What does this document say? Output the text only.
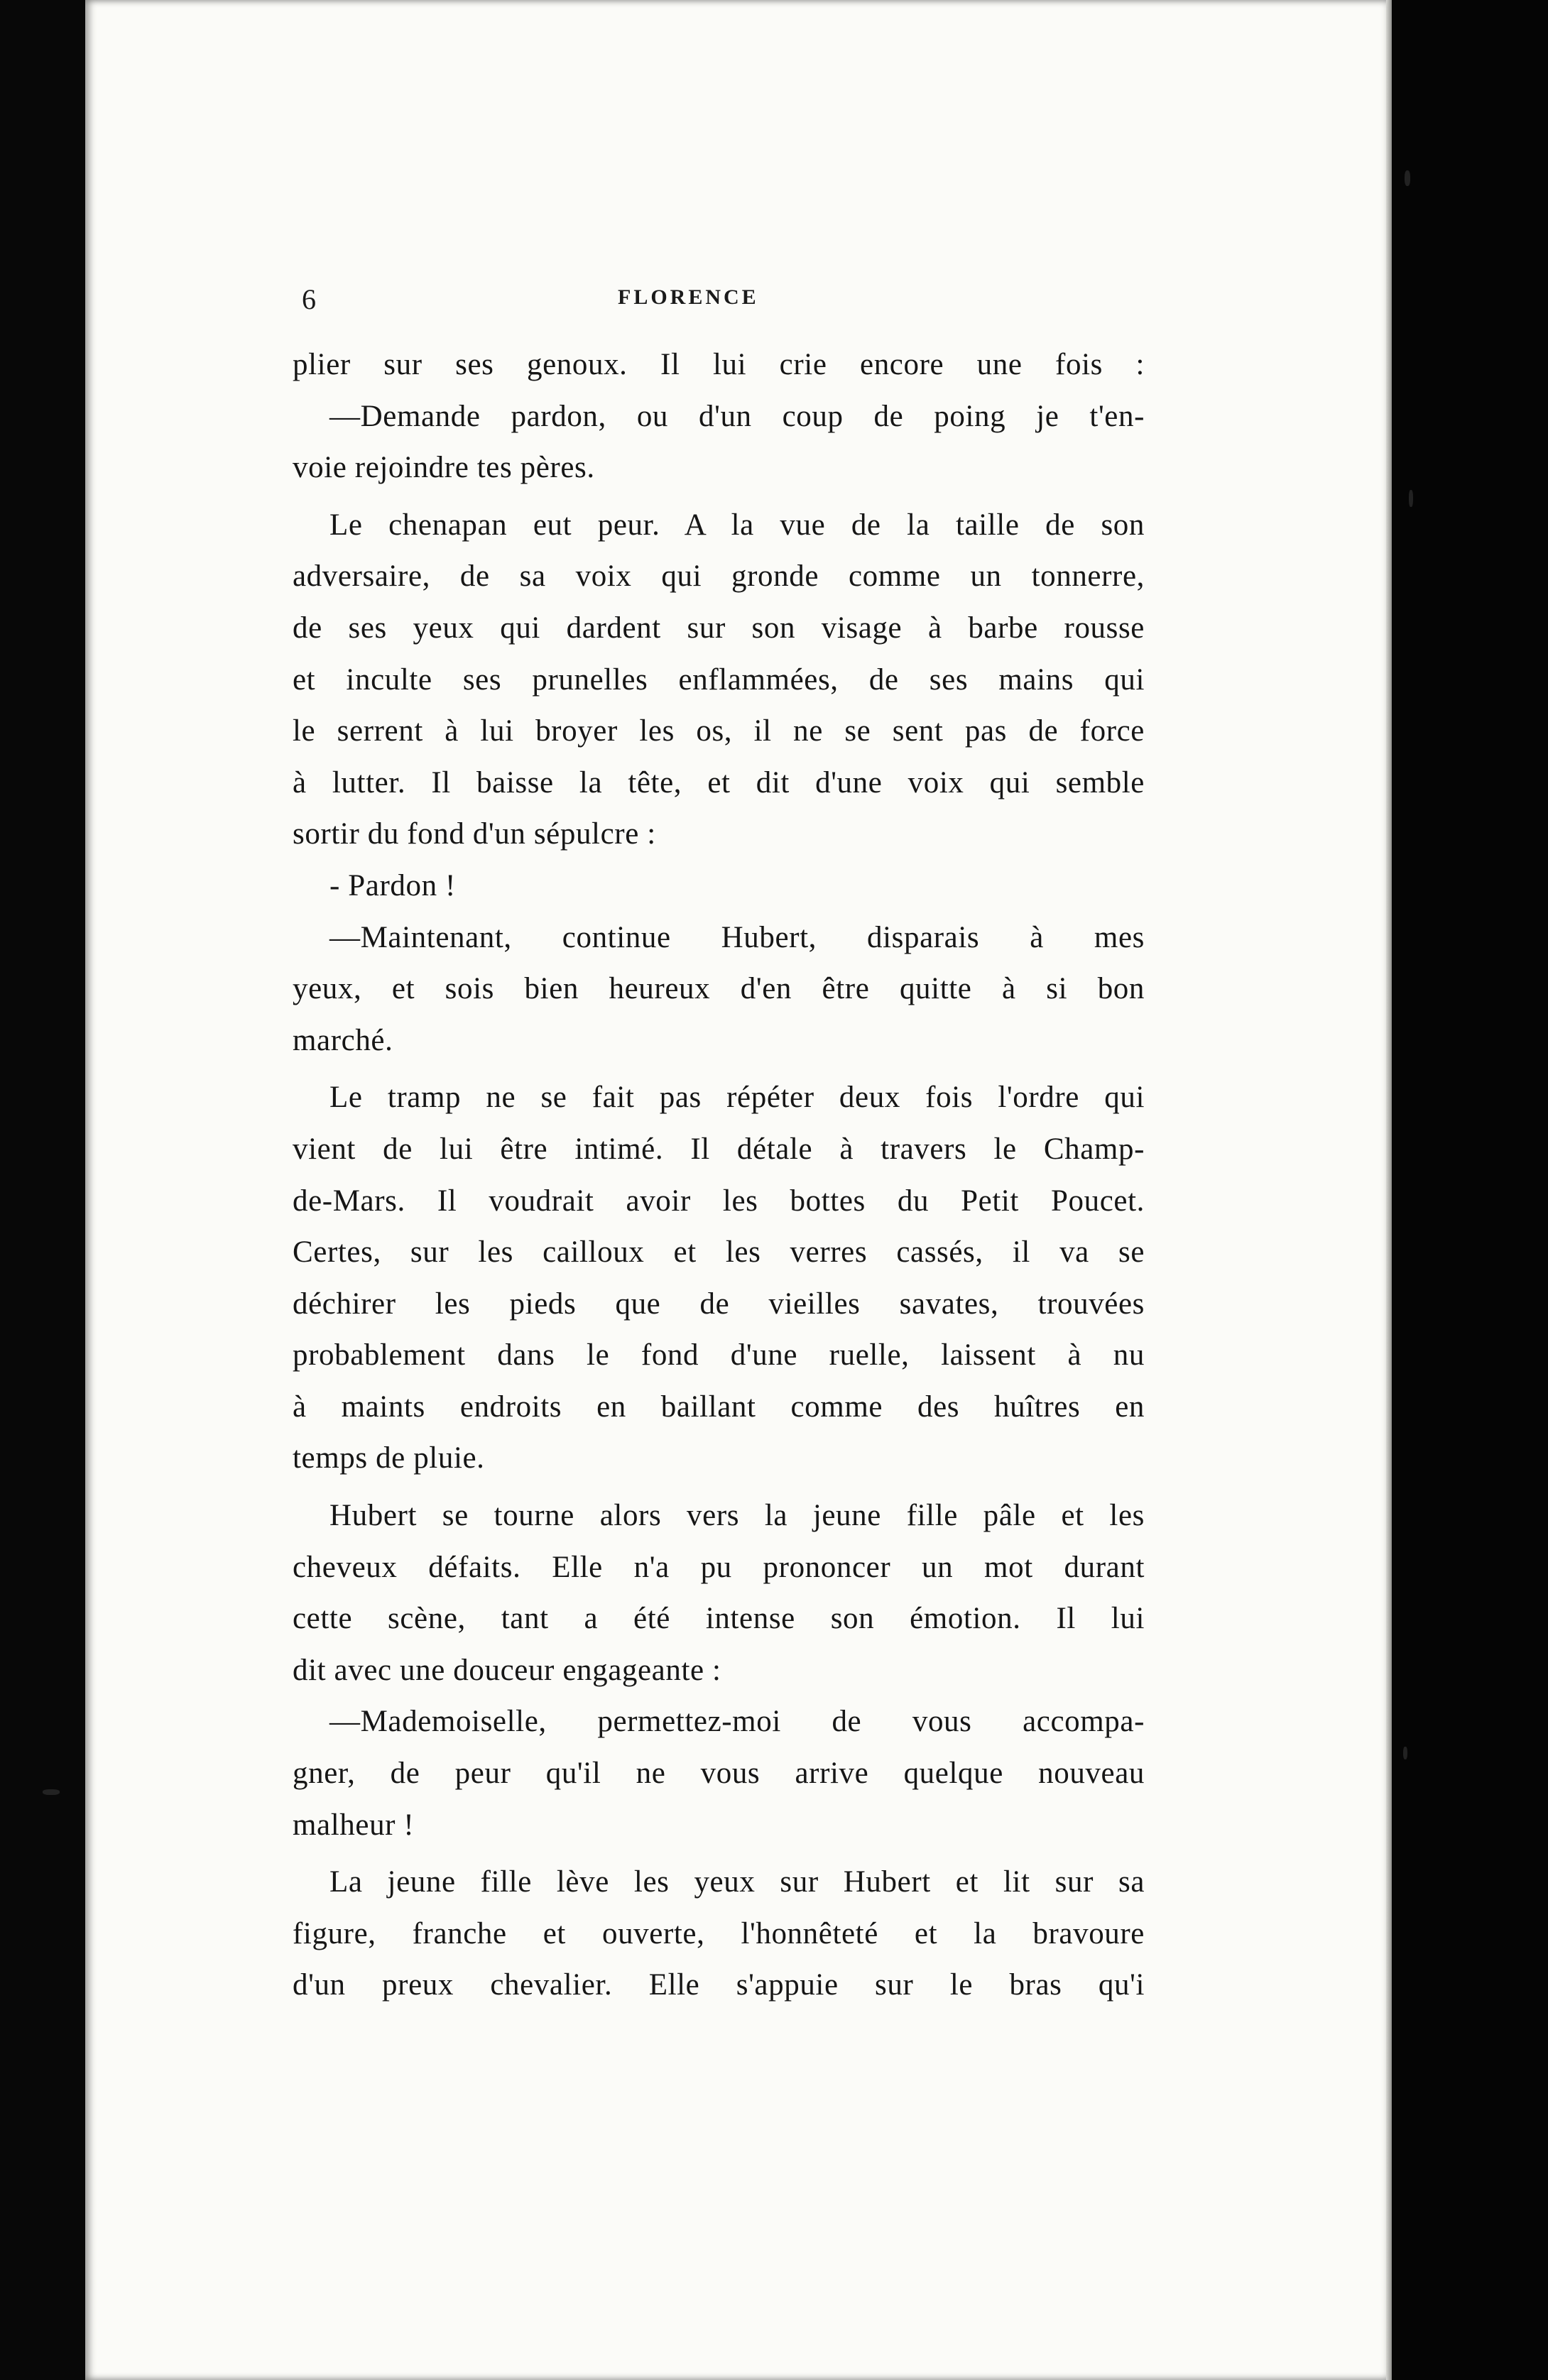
6	FLORENCE
plier sur ses genoux. Il lui crie encore une fois :
—Demande pardon, ou d'un coup de poing je t'en-
voie rejoindre tes pères.
Le chenapan eut peur. A la vue de la taille de son
adversaire, de sa voix qui gronde comme un tonnerre,
de ses yeux qui dardent sur son visage à barbe rousse
et inculte ses prunelles enflammées, de ses mains qui
le serrent à lui broyer les os, il ne se sent pas de force
à lutter. Il baisse la tête, et dit d'une voix qui semble
sortir du fond d'un sépulcre :
- Pardon !
—Maintenant, continue Hubert, disparais à mes
yeux, et sois bien heureux d'en être quitte à si bon
marché.
Le tramp ne se fait pas répéter deux fois l'ordre qui
vient de lui être intimé. Il détale à travers le Champ-
de-Mars. Il voudrait avoir les bottes du Petit Poucet.
Certes, sur les cailloux et les verres cassés, il va se
déchirer les pieds que de vieilles savates, trouvées
probablement dans le fond d'une ruelle, laissent à nu
à maints endroits en baillant comme des huîtres en
temps de pluie.
Hubert se tourne alors vers la jeune fille pâle et les
cheveux défaits. Elle n'a pu prononcer un mot durant
cette scène, tant a été intense son émotion. Il lui
dit avec une douceur engageante :
—Mademoiselle, permettez-moi de vous accompa-
gner, de peur qu'il ne vous arrive quelque nouveau
malheur !
La jeune fille lève les yeux sur Hubert et lit sur sa
figure, franche et ouverte, l'honnêteté et la bravoure
d'un preux chevalier. Elle s'appuie sur le bras qu'i
